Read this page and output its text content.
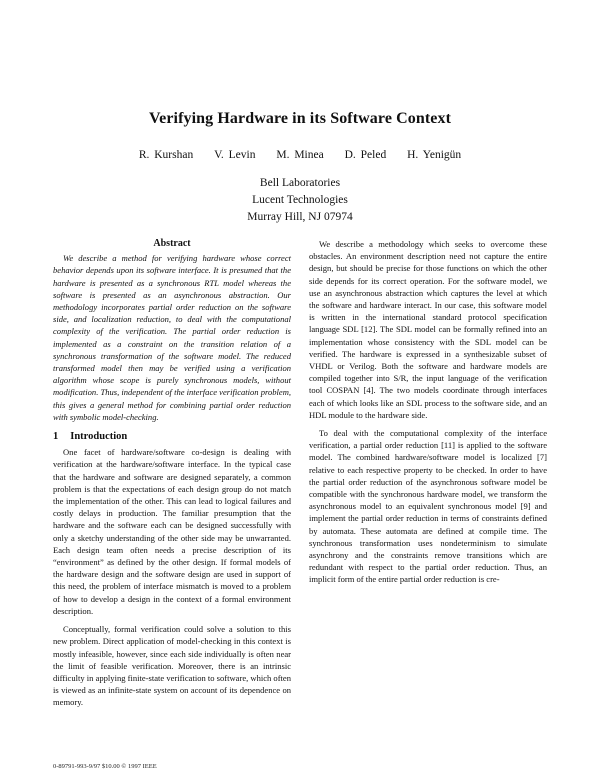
Verifying Hardware in its Software Context
R. Kurshan V. Levin M. Minea D. Peled H. Yenigün
Bell Laboratories
Lucent Technologies
Murray Hill, NJ 07974
Abstract

We describe a method for verifying hardware whose correct behavior depends upon its software interface. It is presumed that the hardware is presented as a synchronous RTL model whereas the software is presented as an asynchronous abstraction. Our methodology incorporates partial order reduction on the software side, and localization reduction, to deal with the computational complexity of the verification. The partial order reduction is implemented as a constraint on the transition relation of a synchronous transformation of the software model. The reduced transformed model then may be verified using a verification algorithm whose scope is purely synchronous models, without modification. Thus, independent of the interface verification problem, this gives a general method for combining partial order reduction with symbolic model-checking.

1 Introduction

One facet of hardware/software co-design is dealing with verification at the hardware/software interface. In the typical case that the hardware and software are designed separately, a common problem is that the expectations of each design group do not match the implementation of the other. This can lead to logical failures and costly delays in production. The familiar presumption that the hardware and the software each can be designed successfully with only a sketchy understanding of the other side may be unwarranted. Each design team often needs a precise description of its “environment” as defined by the other design. If formal models of the hardware design and the software design are used in support of this need, the problem of interface mismatch is moved to a problem of how to develop a design in the context of a formal environment description.

Conceptually, formal verification could solve a solution to this new problem. Direct application of model-checking in this context is mostly infeasible, however, since each side individually is often near the limit of feasible verification. Moreover, there is an intrinsic difficulty in applying finite-state verification to software, which often is viewed as an infinite-state system on account of its dependence on memory.

We describe a methodology which seeks to overcome these obstacles. An environment description need not capture the entire design, but should be precise for those functions on which the other side depends for its correct operation. For the software model, we use an asynchronous abstraction which captures the level at which the software and hardware interact. In our case, this software model is written in the international standard protocol specification language SDL [12]. The SDL model can be formally refined into an implementation whose consistency with the SDL model can be verified. The hardware is expressed in a synthesizable subset of VHDL or Verilog. Both the software and hardware models are compiled together into S/R, the input language of the verification tool COSPAN [4]. The two models coordinate through interfaces each of which looks like an SDL process to the software side, and an HDL module to the hardware side.

To deal with the computational complexity of the interface verification, a partial order reduction [11] is applied to the software model. The combined hardware/software model is localized [7] relative to each respective property to be checked. In order to have the partial order reduction of the asynchronous software model be compatible with the synchronous hardware model, we transform the asynchronous model to an equivalent synchronous model [9] and implement the partial order reduction in terms of constraints defined by automata. These automata are defined at compile time. The synchronous transformation uses nondeterminism to simulate asynchrony and the constraints remove transitions which are redundant with respect to the partial order reduction. Thus, an implicit form of the entire partial order reduction is cre-

0-89791-993-9/97 $10.00 © 1997 IEEE
